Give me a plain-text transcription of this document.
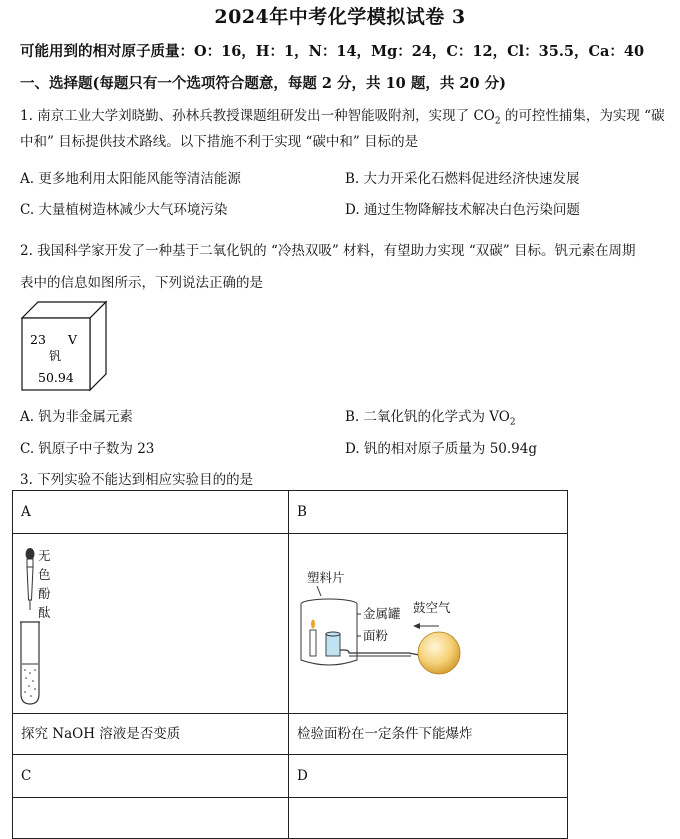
2024年中考化学模拟试卷 3
可能用到的相对原子质量：O：16，H：1，N：14，Mg：24，C：12，Cl：35.5，Ca：40
一、选择题(每题只有一个选项符合题意，每题 2 分，共 10 题，共 20 分)
1. 南京工业大学刘晓勤、孙林兵教授课题组研发出一种智能吸附剂，实现了 $CO_2$ 的可控性捕集，为实现 “碳
中和” 目标提供技术路线。以下措施不利于实现 “碳中和” 目标的是
A. 更多地利用太阳能风能等清洁能源	B. 大力开采化石燃料促进经济快速发展
C. 大量植树造林减少大气环境污染	D. 通过生物降解技术解决白色污染问题
2. 我国科学家开发了一种基于二氧化钒的 “冷热双吸” 材料，有望助力实现 “双碳” 目标。钒元素在周期
表中的信息如图所示，下列说法正确的是
23 V
钒
50.94
A. 钒为非金属元素	B. 二氧化钒的化学式为 $VO_2$
C. 钒原子中子数为 23	D. 钒的相对原子质量为 50.94g
3. 下列实验不能达到相应实验目的的是
A	B

无
色
酚
酞	塑料片
金属罐
面粉
鼓空气

探究 NaOH 溶液是否变质	检验面粉在一定条件下能爆炸
C	D
